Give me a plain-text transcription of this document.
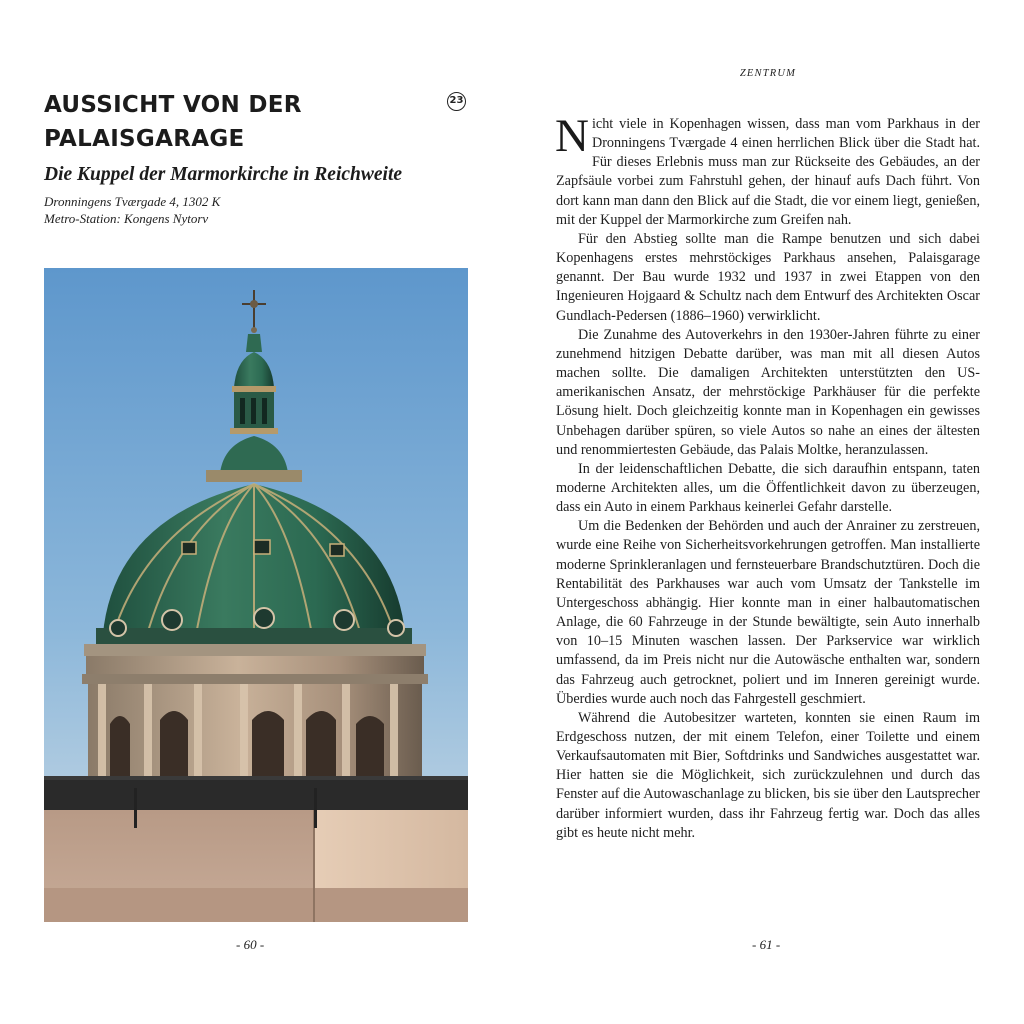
AUSSICHT VON DER PALAISGARAGE
23
Die Kuppel der Marmorkirche in Reichweite
Dronningens Tværgade 4, 1302 K
Metro-Station: Kongens Nytorv
- 60 -
ZENTRUM

Nicht viele in Kopenhagen wissen, dass man vom Parkhaus in der Dronningens Tværgade 4 einen herrlichen Blick über die Stadt hat. Für dieses Erlebnis muss man zur Rückseite des Gebäudes, an der Zapfsäule vorbei zum Fahrstuhl gehen, der hinauf aufs Dach führt. Von dort kann man dann den Blick auf die Stadt, die vor einem liegt, genießen, mit der Kuppel der Marmorkirche zum Greifen nah.

Für den Abstieg sollte man die Rampe benutzen und sich dabei Kopenhagens erstes mehrstöckiges Parkhaus ansehen, Palaisgarage genannt. Der Bau wurde 1932 und 1937 in zwei Etappen von den Ingenieuren Hojgaard & Schultz nach dem Entwurf des Architekten Oscar Gundlach-Pedersen (1886–1960) verwirklicht.

Die Zunahme des Autoverkehrs in den 1930er-Jahren führte zu einer zunehmend hitzigen Debatte darüber, was man mit all diesen Autos machen sollte. Die damaligen Architekten unterstützten den US-amerikanischen Ansatz, der mehrstöckige Parkhäuser für die perfekte Lösung hielt. Doch gleichzeitig konnte man in Kopenhagen ein gewisses Unbehagen darüber spüren, so viele Autos so nahe an eines der ältesten und renommiertesten Gebäude, das Palais Moltke, heranzulassen.

In der leidenschaftlichen Debatte, die sich daraufhin entspann, taten moderne Architekten alles, um die Öffentlichkeit davon zu überzeugen, dass ein Auto in einem Parkhaus keinerlei Gefahr darstelle.

Um die Bedenken der Behörden und auch der Anrainer zu zerstreuen, wurde eine Reihe von Sicherheitsvorkehrungen getroffen. Man installierte moderne Sprinkleranlagen und fernsteuerbare Brandschutztüren. Doch die Rentabilität des Parkhauses war auch vom Umsatz der Tankstelle im Untergeschoss abhängig. Hier konnte man in einer halbautomatischen Anlage, die 60 Fahrzeuge in der Stunde bewältigte, sein Auto innerhalb von 10–15 Minuten waschen lassen. Der Parkservice war wirklich umfassend, da im Preis nicht nur die Autowäsche enthalten war, sondern das Fahrzeug auch getrocknet, poliert und im Inneren gereinigt wurde. Überdies wurde auch noch das Fahrgestell geschmiert.

Während die Autobesitzer warteten, konnten sie einen Raum im Erdgeschoss nutzen, der mit einem Telefon, einer Toilette und einem Verkaufsautomaten mit Bier, Softdrinks und Sandwiches ausgestattet war. Hier hatten sie die Möglichkeit, sich zurückzulehnen und durch das Fenster auf die Autowaschanlage zu blicken, bis sie über den Lautsprecher darüber informiert wurden, dass ihr Fahrzeug fertig war. Doch das alles gibt es heute nicht mehr.

- 61 -
